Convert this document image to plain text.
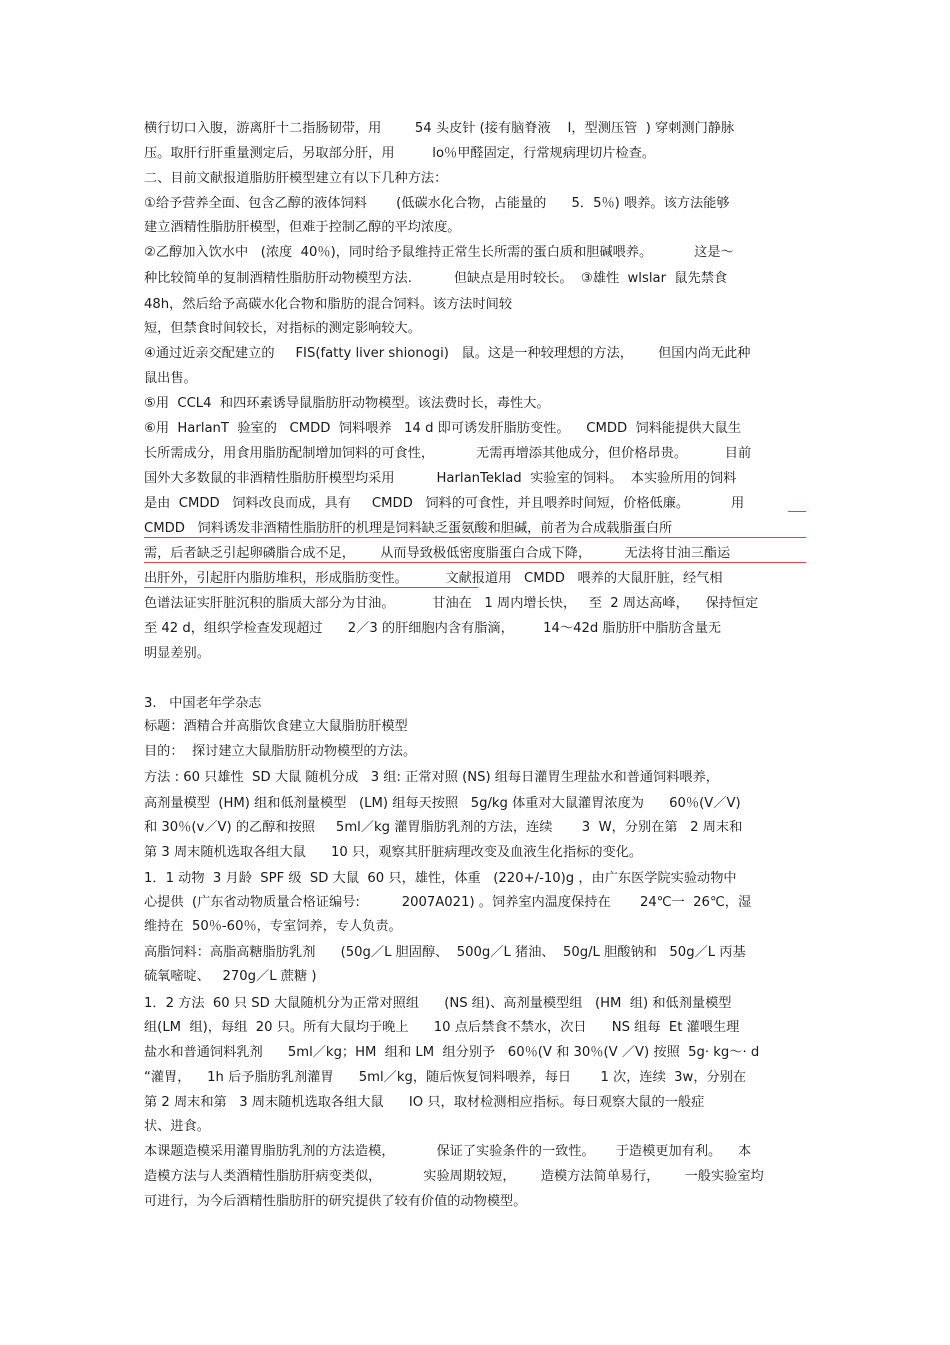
横行切口入腹，游离肝十二指肠韧带，用        54 头皮针 (接有脑脊液    I，型测压管  ) 穿刺测门静脉
压。取肝行肝重量测定后，另取部分肝，用         lo％甲醛固定，行常规病理切片检查。
二、目前文献报道脂肪肝模型建立有以下几种方法：
①给予营养全面、包含乙醇的液体饲料       (低碳水化合物，占能量的      5．5％) 喂养。该方法能够
建立酒精性脂肪肝模型，但难于控制乙醇的平均浓度。
②乙醇加入饮水中   (浓度  40％)，同时给予鼠维持正常生长所需的蛋白质和胆碱喂养。          这是～
种比较简单的复制酒精性脂肪肝动物模型方法.          但缺点是用时较长。  ③雄性  wlslar  鼠先禁食
48h，然后给予高碳水化合物和脂肪的混合饲料。该方法时间较
短，但禁食时间较长，对指标的测定影响较大。
④通过近亲交配建立的     FIS(fatty liver shionogi)   鼠。这是一种较理想的方法，      但国内尚无此种
鼠出售。
⑤用  CCL4  和四环素诱导鼠脂肪肝动物模型。该法费时长，毒性大。
⑥用  HarlanT  验室的   CMDD  饲料喂养   14 d 即可诱发肝脂肪变性。    CMDD  饲料能提供大鼠生
长所需成分，用食用脂肪配制增加饲料的可食性，          无需再增添其他成分，但价格昂贵。         目前
国外大多数鼠的非酒精性脂肪肝模型均采用          HarlanTeklad  实验室的饲料。  本实验所用的饲料
是由  CMDD   饲料改良而成，具有     CMDD   饲料的可食性，并且喂养时间短，价格低廉。          用
CMDD   饲料诱发非酒精性脂肪肝的机理是饲料缺乏蛋氨酸和胆碱，前者为合成载脂蛋白所
需，后者缺乏引起卵磷脂合成不足，      从而导致极低密度脂蛋白合成下降，        无法将甘油三酯运
出肝外，引起肝内脂肪堆积，形成脂肪变性。         文献报道用   CMDD   喂养的大鼠肝脏，经气相
色谱法证实肝脏沉积的脂质大部分为甘油。         甘油在   1 周内增长快，   至  2 周达高峰，    保持恒定
至 42 d，组织学检查发现超过      2／3 的肝细胞内含有脂滴，       14～42d 脂肪肝中脂肪含量无
明显差别。
3.   中国老年学杂志
标题：酒精合并高脂饮食建立大鼠脂肪肝模型
目的：  探讨建立大鼠脂肪肝动物模型的方法。
方法 : 60 只雄性  SD 大鼠 随机分成   3 组: 正常对照 (NS) 组每日灌胃生理盐水和普通饲料喂养，
高剂量模型  (HM) 组和低剂量模型   (LM) 组每天按照   5g/kg 体重对大鼠灌胃浓度为      60％(V／V)
和 30％(v／V) 的乙醇和按照     5ml／kg 灌胃脂肪乳剂的方法，连续       3  W，分别在第   2 周末和
第 3 周末随机选取各组大鼠      10 只，观察其肝脏病理改变及血液生化指标的变化。
1．1 动物  3 月龄  SPF 级  SD 大鼠  60 只，雄性，体重   (220+/-10)g ，由广东医学院实验动物中
心提供  (广东省动物质量合格证编号:          2007A021) 。饲养室内温度保持在       24℃一  26℃，湿
维持在  50％-60％，专室饲养，专人负责。
高脂饲料：高脂高糖脂肪乳剂      (50g／L 胆固醇、  500g／L 猪油、  50g/L 胆酸钠和   50g／L 丙基
硫氧嘧啶、   270g／L 蔗糖 )
1．2 方法  60 只 SD 大鼠随机分为正常对照组      (NS 组)、高剂量模型组   (HM  组) 和低剂量模型
组(LM  组)，每组  20 只。所有大鼠均于晚上      10 点后禁食不禁水，次日      NS 组每  Et 灌喂生理
盐水和普通饲料乳剂      5ml／kg；HM  组和 LM  组分别予   60％(V 和 30％(V ／V) 按照  5g· kg～· d
“灌胃，    1h 后予脂肪乳剂灌胃      5ml／kg，随后恢复饲料喂养，每日       1 次，连续  3w，分别在
第 2 周末和第   3 周末随机选取各组大鼠      IO 只，取材检测相应指标。每日观察大鼠的一般症
状、进食。
本课题造模采用灌胃脂肪乳剂的方法造模，          保证了实验条件的一致性。     于造模更加有利。    本
造模方法与人类酒精性脂肪肝病变类似，          实验周期较短，      造模方法简单易行，      一般实验室均
可进行，为今后酒精性脂肪肝的研究提供了较有价值的动物模型。
